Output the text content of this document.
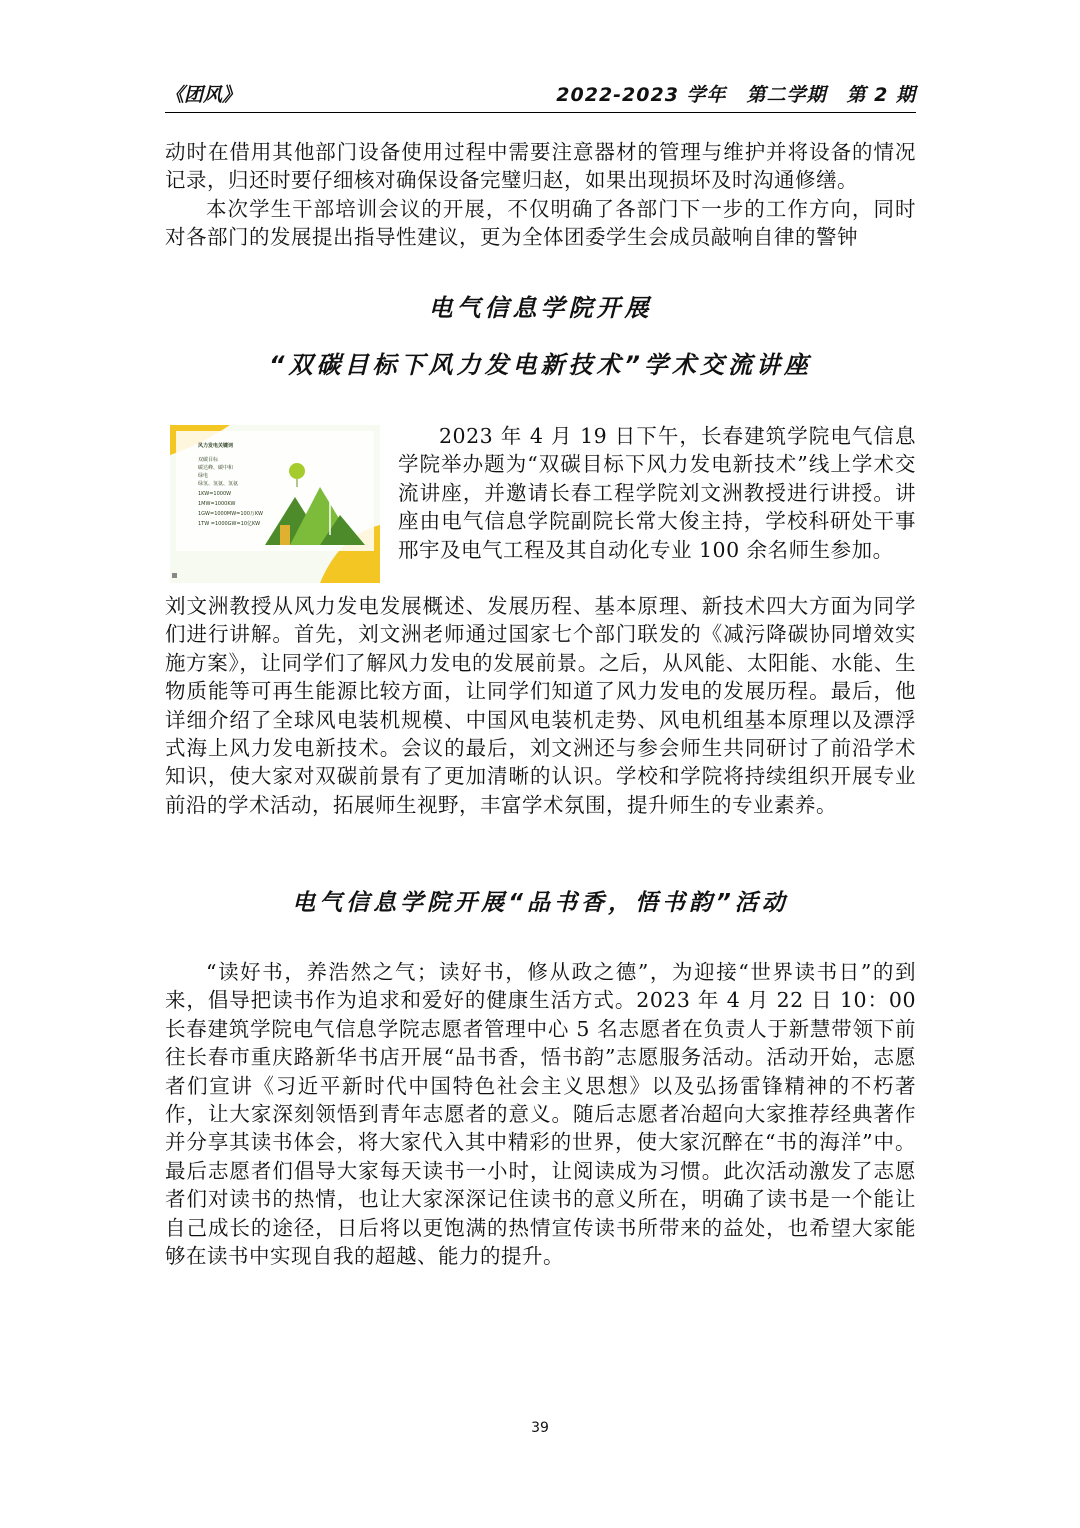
《团风》	2022-2023 学年　第二学期　第 2 期
动时在借用其他部门设备使用过程中需要注意器材的管理与维护并将设备的情况记录，归还时要仔细核对确保设备完璧归赵，如果出现损坏及时沟通修缮。
本次学生干部培训会议的开展，不仅明确了各部门下一步的工作方向，同时对各部门的发展提出指导性建议，更为全体团委学生会成员敲响自律的警钟
电气信息学院开展
“双碳目标下风力发电新技术”学术交流讲座
风力发电关键词
双碳目标
碳达峰、碳中和
绿电
绿氢、氢氨、氢氨
1KW=1000W
1MW=1000KW
1GW=1000MW=100万KW
1TW =1000GW=10亿KW
2023 年 4 月 19 日下午，长春建筑学院电气信息学院举办题为“双碳目标下风力发电新技术”线上学术交流讲座，并邀请长春工程学院刘文洲教授进行讲授。讲座由电气信息学院副院长常大俊主持，学校科研处干事邢宇及电气工程及其自动化专业 100 余名师生参加。
刘文洲教授从风力发电发展概述、发展历程、基本原理、新技术四大方面为同学们进行讲解。首先，刘文洲老师通过国家七个部门联发的《减污降碳协同增效实施方案》，让同学们了解风力发电的发展前景。之后，从风能、太阳能、水能、生物质能等可再生能源比较方面，让同学们知道了风力发电的发展历程。最后，他详细介绍了全球风电装机规模、中国风电装机走势、风电机组基本原理以及漂浮式海上风力发电新技术。会议的最后，刘文洲还与参会师生共同研讨了前沿学术知识，使大家对双碳前景有了更加清晰的认识。学校和学院将持续组织开展专业前沿的学术活动，拓展师生视野，丰富学术氛围，提升师生的专业素养。
电气信息学院开展“品书香，悟书韵”活动
“读好书，养浩然之气；读好书，修从政之德”，为迎接“世界读书日”的到来，倡导把读书作为追求和爱好的健康生活方式。2023 年 4 月 22 日 10：00 长春建筑学院电气信息学院志愿者管理中心 5 名志愿者在负责人于新慧带领下前往长春市重庆路新华书店开展“品书香，悟书韵”志愿服务活动。活动开始，志愿者们宣讲《习近平新时代中国特色社会主义思想》以及弘扬雷锋精神的不朽著作，让大家深刻领悟到青年志愿者的意义。随后志愿者冶超向大家推荐经典著作并分享其读书体会，将大家代入其中精彩的世界，使大家沉醉在“书的海洋”中。最后志愿者们倡导大家每天读书一小时，让阅读成为习惯。此次活动激发了志愿者们对读书的热情，也让大家深深记住读书的意义所在，明确了读书是一个能让自己成长的途径，日后将以更饱满的热情宣传读书所带来的益处，也希望大家能够在读书中实现自我的超越、能力的提升。
39
